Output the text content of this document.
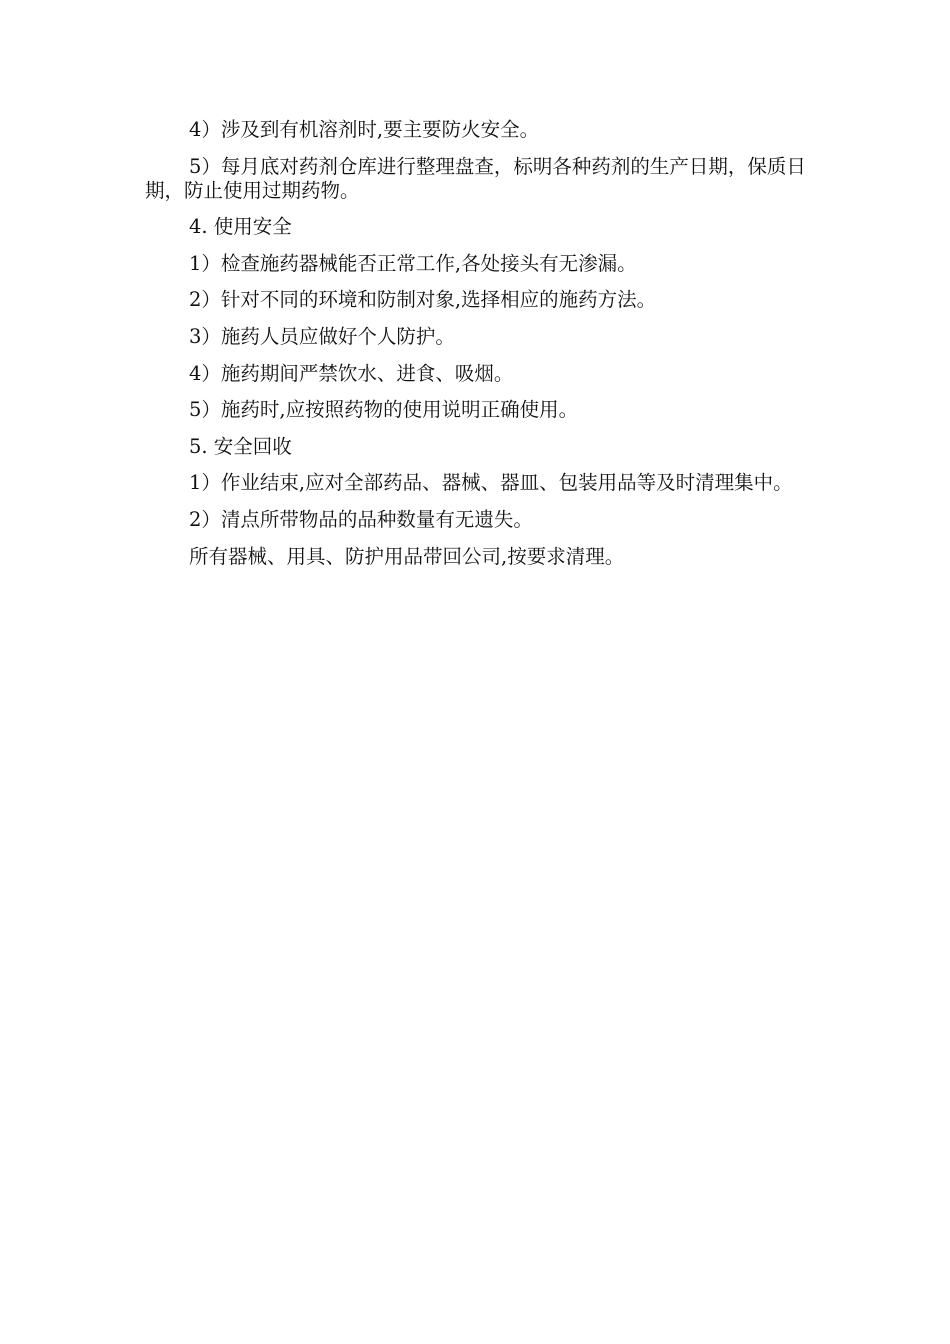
4）涉及到有机溶剂时,要主要防火安全。

5）每月底对药剂仓库进行整理盘查，标明各种药剂的生产日期，保质日期，防止使用过期药物。

4. 使用安全

1）检查施药器械能否正常工作,各处接头有无渗漏。

2）针对不同的环境和防制对象,选择相应的施药方法。

3）施药人员应做好个人防护。

4）施药期间严禁饮水、进食、吸烟。

5）施药时,应按照药物的使用说明正确使用。

5. 安全回收

1）作业结束,应对全部药品、器械、器皿、包装用品等及时清理集中。

2）清点所带物品的品种数量有无遗失。

所有器械、用具、防护用品带回公司,按要求清理。
